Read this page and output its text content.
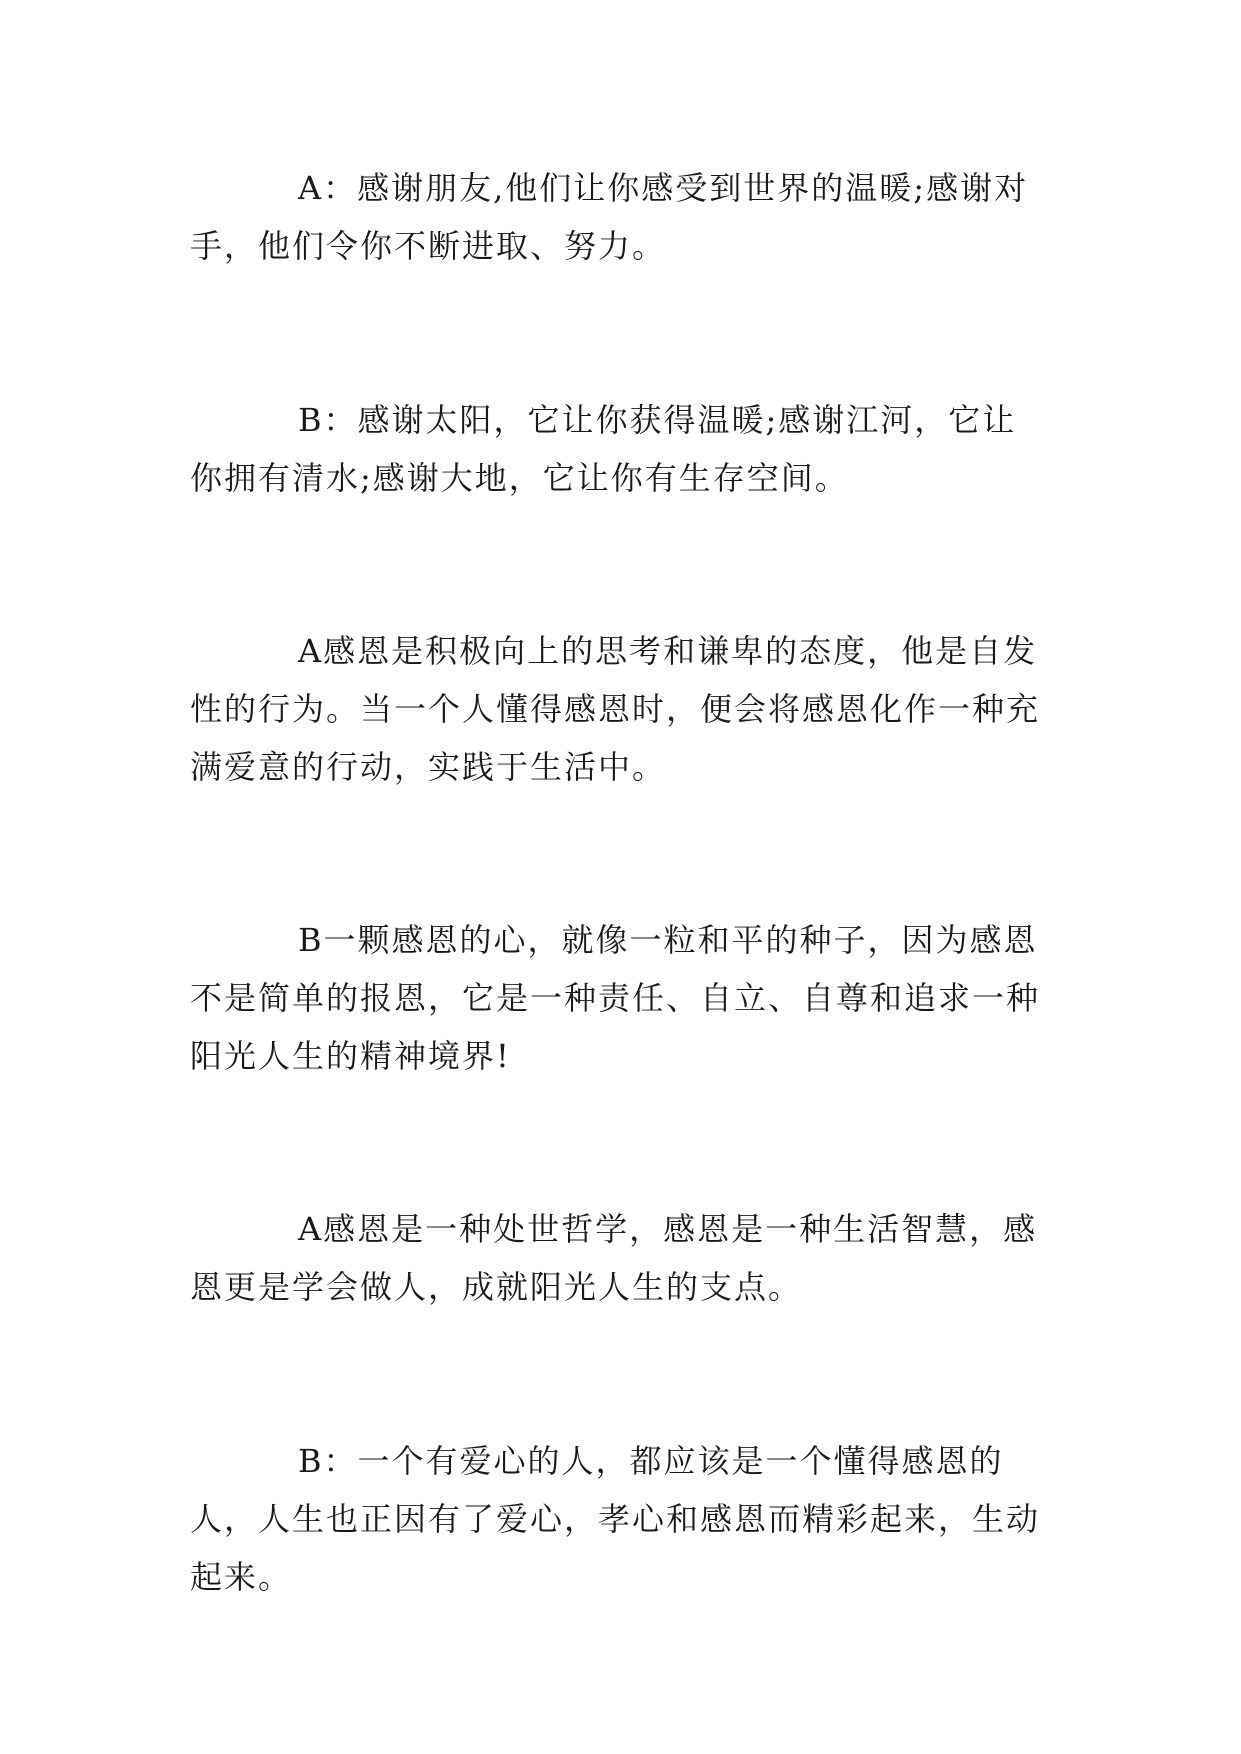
A：感谢朋友,他们让你感受到世界的温暖;感谢对手，他们令你不断进取、努力。

B：感谢太阳，它让你获得温暖;感谢江河，它让你拥有清水;感谢大地，它让你有生存空间。

A感恩是积极向上的思考和谦卑的态度，他是自发性的行为。当一个人懂得感恩时，便会将感恩化作一种充满爱意的行动，实践于生活中。

B一颗感恩的心，就像一粒和平的种子，因为感恩不是简单的报恩，它是一种责任、自立、自尊和追求一种阳光人生的精神境界!

A感恩是一种处世哲学，感恩是一种生活智慧，感恩更是学会做人，成就阳光人生的支点。

B：一个有爱心的人，都应该是一个懂得感恩的人，人生也正因有了爱心，孝心和感恩而精彩起来，生动起来。
